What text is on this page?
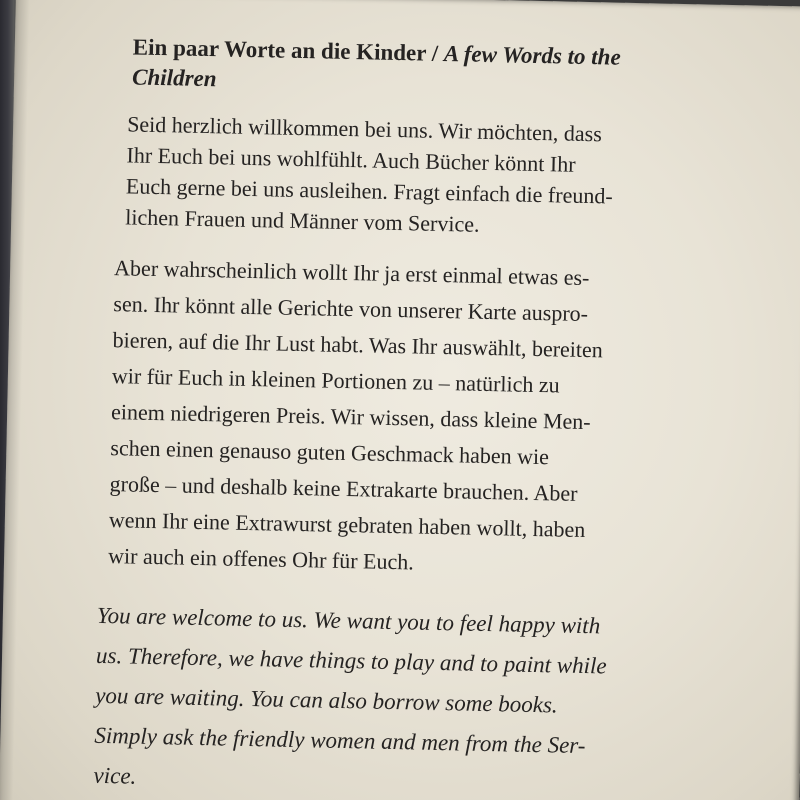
Ein paar Worte an die Kinder / A few Words to the Children

Seid herzlich willkommen bei uns. Wir möchten, dass
Ihr Euch bei uns wohlfühlt. Auch Bücher könnt Ihr
Euch gerne bei uns ausleihen. Fragt einfach die freund-
lichen Frauen und Männer vom Service.

Aber wahrscheinlich wollt Ihr ja erst einmal etwas es-
sen. Ihr könnt alle Gerichte von unserer Karte auspro-
bieren, auf die Ihr Lust habt. Was Ihr auswählt, bereiten
wir für Euch in kleinen Portionen zu – natürlich zu
einem niedrigeren Preis. Wir wissen, dass kleine Men-
schen einen genauso guten Geschmack haben wie
große – und deshalb keine Extrakarte brauchen. Aber
wenn Ihr eine Extrawurst gebraten haben wollt, haben
wir auch ein offenes Ohr für Euch.

You are welcome to us. We want you to feel happy with
us. Therefore, we have things to play and to paint while
you are waiting. You can also borrow some books.
Simply ask the friendly women and men from the Ser-
vice.
